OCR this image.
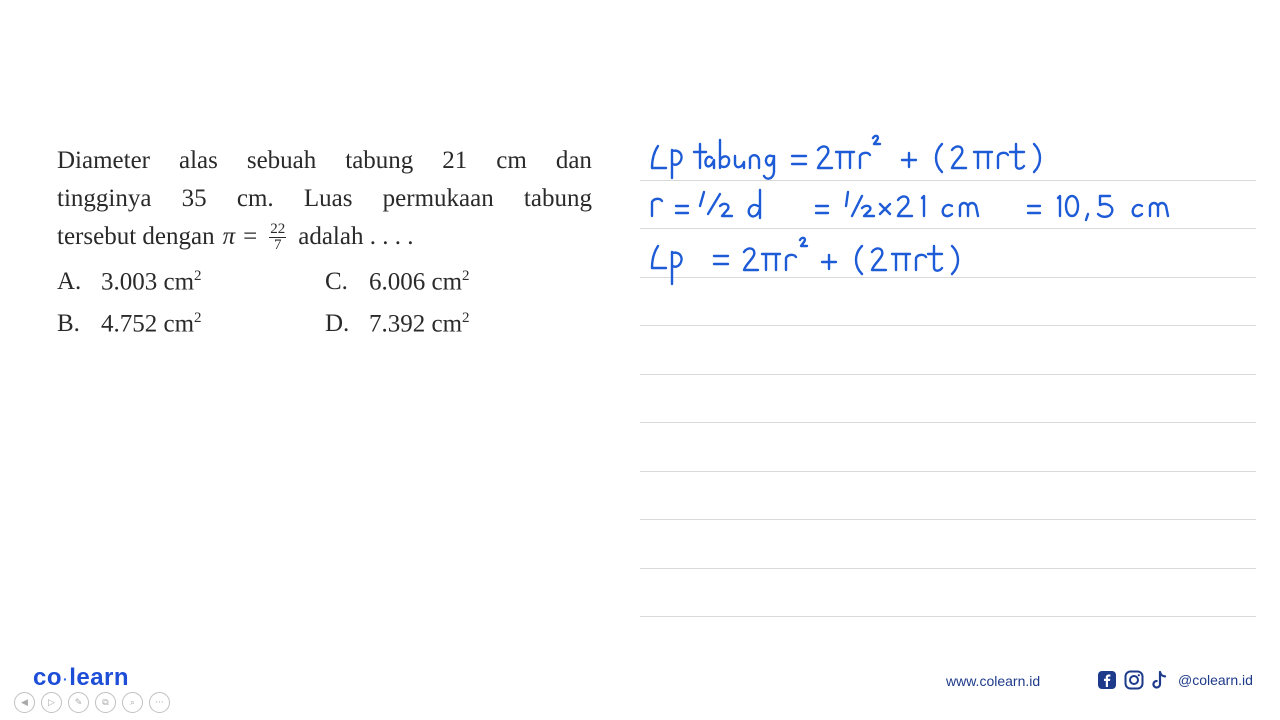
Diameter alas sebuah tabung 21 cm dan
tingginya 35 cm. Luas permukaan tabung
tersebut dengan $\pi = \frac{22}{7}$ adalah . . . .
A. 3.003 $cm^2$	C. 6.006 $cm^2$
B. 4.752 $cm^2$	D. 7.392 $cm^2$
co·learn
◀	▷	✎	⧉	⌕	···
www.colearn.id	@colearn.id
